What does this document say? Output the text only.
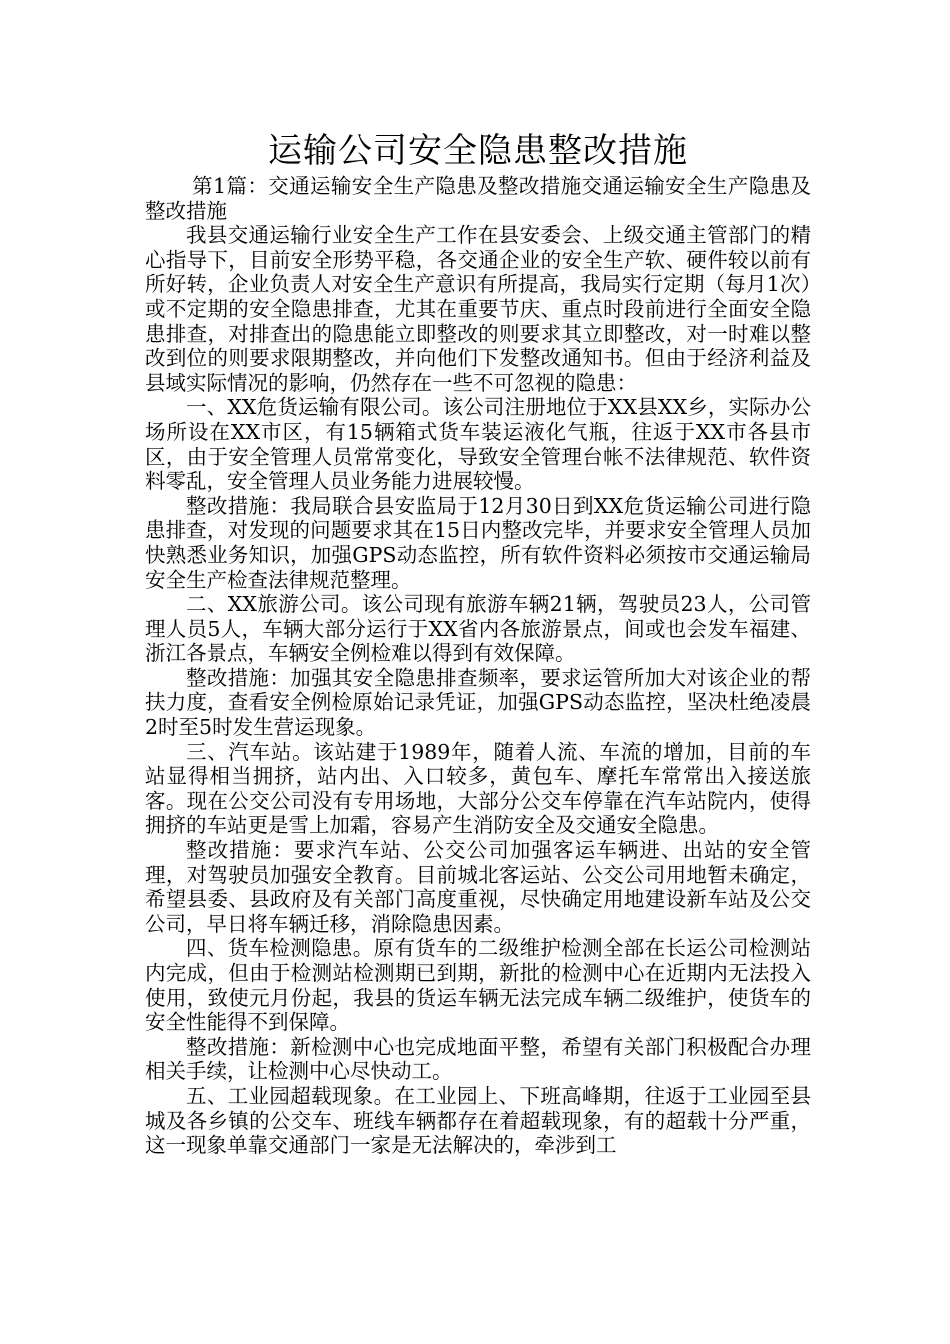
运输公司安全隐患整改措施

第1篇：交通运输安全生产隐患及整改措施交通运输安全生产隐患及整改措施

我县交通运输行业安全生产工作在县安委会、上级交通主管部门的精心指导下，目前安全形势平稳，各交通企业的安全生产软、硬件较以前有所好转，企业负责人对安全生产意识有所提高，我局实行定期（每月1次）或不定期的安全隐患排查，尤其在重要节庆、重点时段前进行全面安全隐患排查，对排查出的隐患能立即整改的则要求其立即整改，对一时难以整改到位的则要求限期整改，并向他们下发整改通知书。但由于经济利益及县域实际情况的影响，仍然存在一些不可忽视的隐患：

一、XX危货运输有限公司。该公司注册地位于XX县XX乡，实际办公场所设在XX市区，有15辆箱式货车装运液化气瓶，往返于XX市各县市区，由于安全管理人员常常变化，导致安全管理台帐不法律规范、软件资料零乱，安全管理人员业务能力进展较慢。

整改措施：我局联合县安监局于12月30日到XX危货运输公司进行隐患排查，对发现的问题要求其在15日内整改完毕，并要求安全管理人员加快熟悉业务知识，加强GPS动态监控，所有软件资料必须按市交通运输局安全生产检查法律规范整理。

二、XX旅游公司。该公司现有旅游车辆21辆，驾驶员23人，公司管理人员5人，车辆大部分运行于XX省内各旅游景点，间或也会发车福建、浙江各景点，车辆安全例检难以得到有效保障。

整改措施：加强其安全隐患排查频率，要求运管所加大对该企业的帮扶力度，查看安全例检原始记录凭证，加强GPS动态监控，坚决杜绝凌晨2时至5时发生营运现象。

三、汽车站。该站建于1989年，随着人流、车流的增加，目前的车站显得相当拥挤，站内出、入口较多，黄包车、摩托车常常出入接送旅客。现在公交公司没有专用场地，大部分公交车停靠在汽车站院内，使得拥挤的车站更是雪上加霜，容易产生消防安全及交通安全隐患。

整改措施：要求汽车站、公交公司加强客运车辆进、出站的安全管理，对驾驶员加强安全教育。目前城北客运站、公交公司用地暂未确定，希望县委、县政府及有关部门高度重视，尽快确定用地建设新车站及公交公司，早日将车辆迁移，消除隐患因素。

四、货车检测隐患。原有货车的二级维护检测全部在长运公司检测站内完成，但由于检测站检测期已到期，新批的检测中心在近期内无法投入使用，致使元月份起，我县的货运车辆无法完成车辆二级维护，使货车的安全性能得不到保障。

整改措施：新检测中心也完成地面平整，希望有关部门积极配合办理相关手续，让检测中心尽快动工。

五、工业园超载现象。在工业园上、下班高峰期，往返于工业园至县城及各乡镇的公交车、班线车辆都存在着超载现象，有的超载十分严重，这一现象单靠交通部门一家是无法解决的，牵涉到工
